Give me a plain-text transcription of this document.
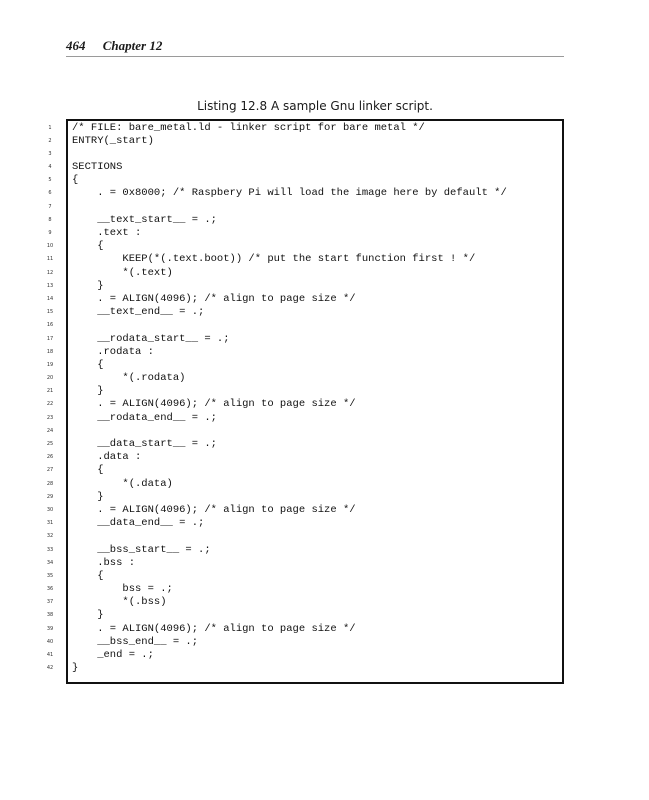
464 Chapter 12
Listing 12.8 A sample Gnu linker script.
1
2
3
4
5
6
7
8
9
10
11
12
13
14
15
16
17
18
19
20
21
22
23
24
25
26
27
28
29
30
31
32
33
34
35
36
37
38
39
40
41
42
/* FILE: bare_metal.ld - linker script for bare metal */
ENTRY(_start)
SECTIONS
{
. = 0x8000; /* Raspbery Pi will load the image here by default */
__text_start__ = .;
.text :
{
KEEP(*(.text.boot)) /* put the start function first ! */
*(.text)
}
. = ALIGN(4096); /* align to page size */
__text_end__ = .;
__rodata_start__ = .;
.rodata :
{
*(.rodata)
}
. = ALIGN(4096); /* align to page size */
__rodata_end__ = .;
__data_start__ = .;
.data :
{
*(.data)
}
. = ALIGN(4096); /* align to page size */
__data_end__ = .;
__bss_start__ = .;
.bss :
{
bss = .;
*(.bss)
}
. = ALIGN(4096); /* align to page size */
__bss_end__ = .;
_end = .;
}
